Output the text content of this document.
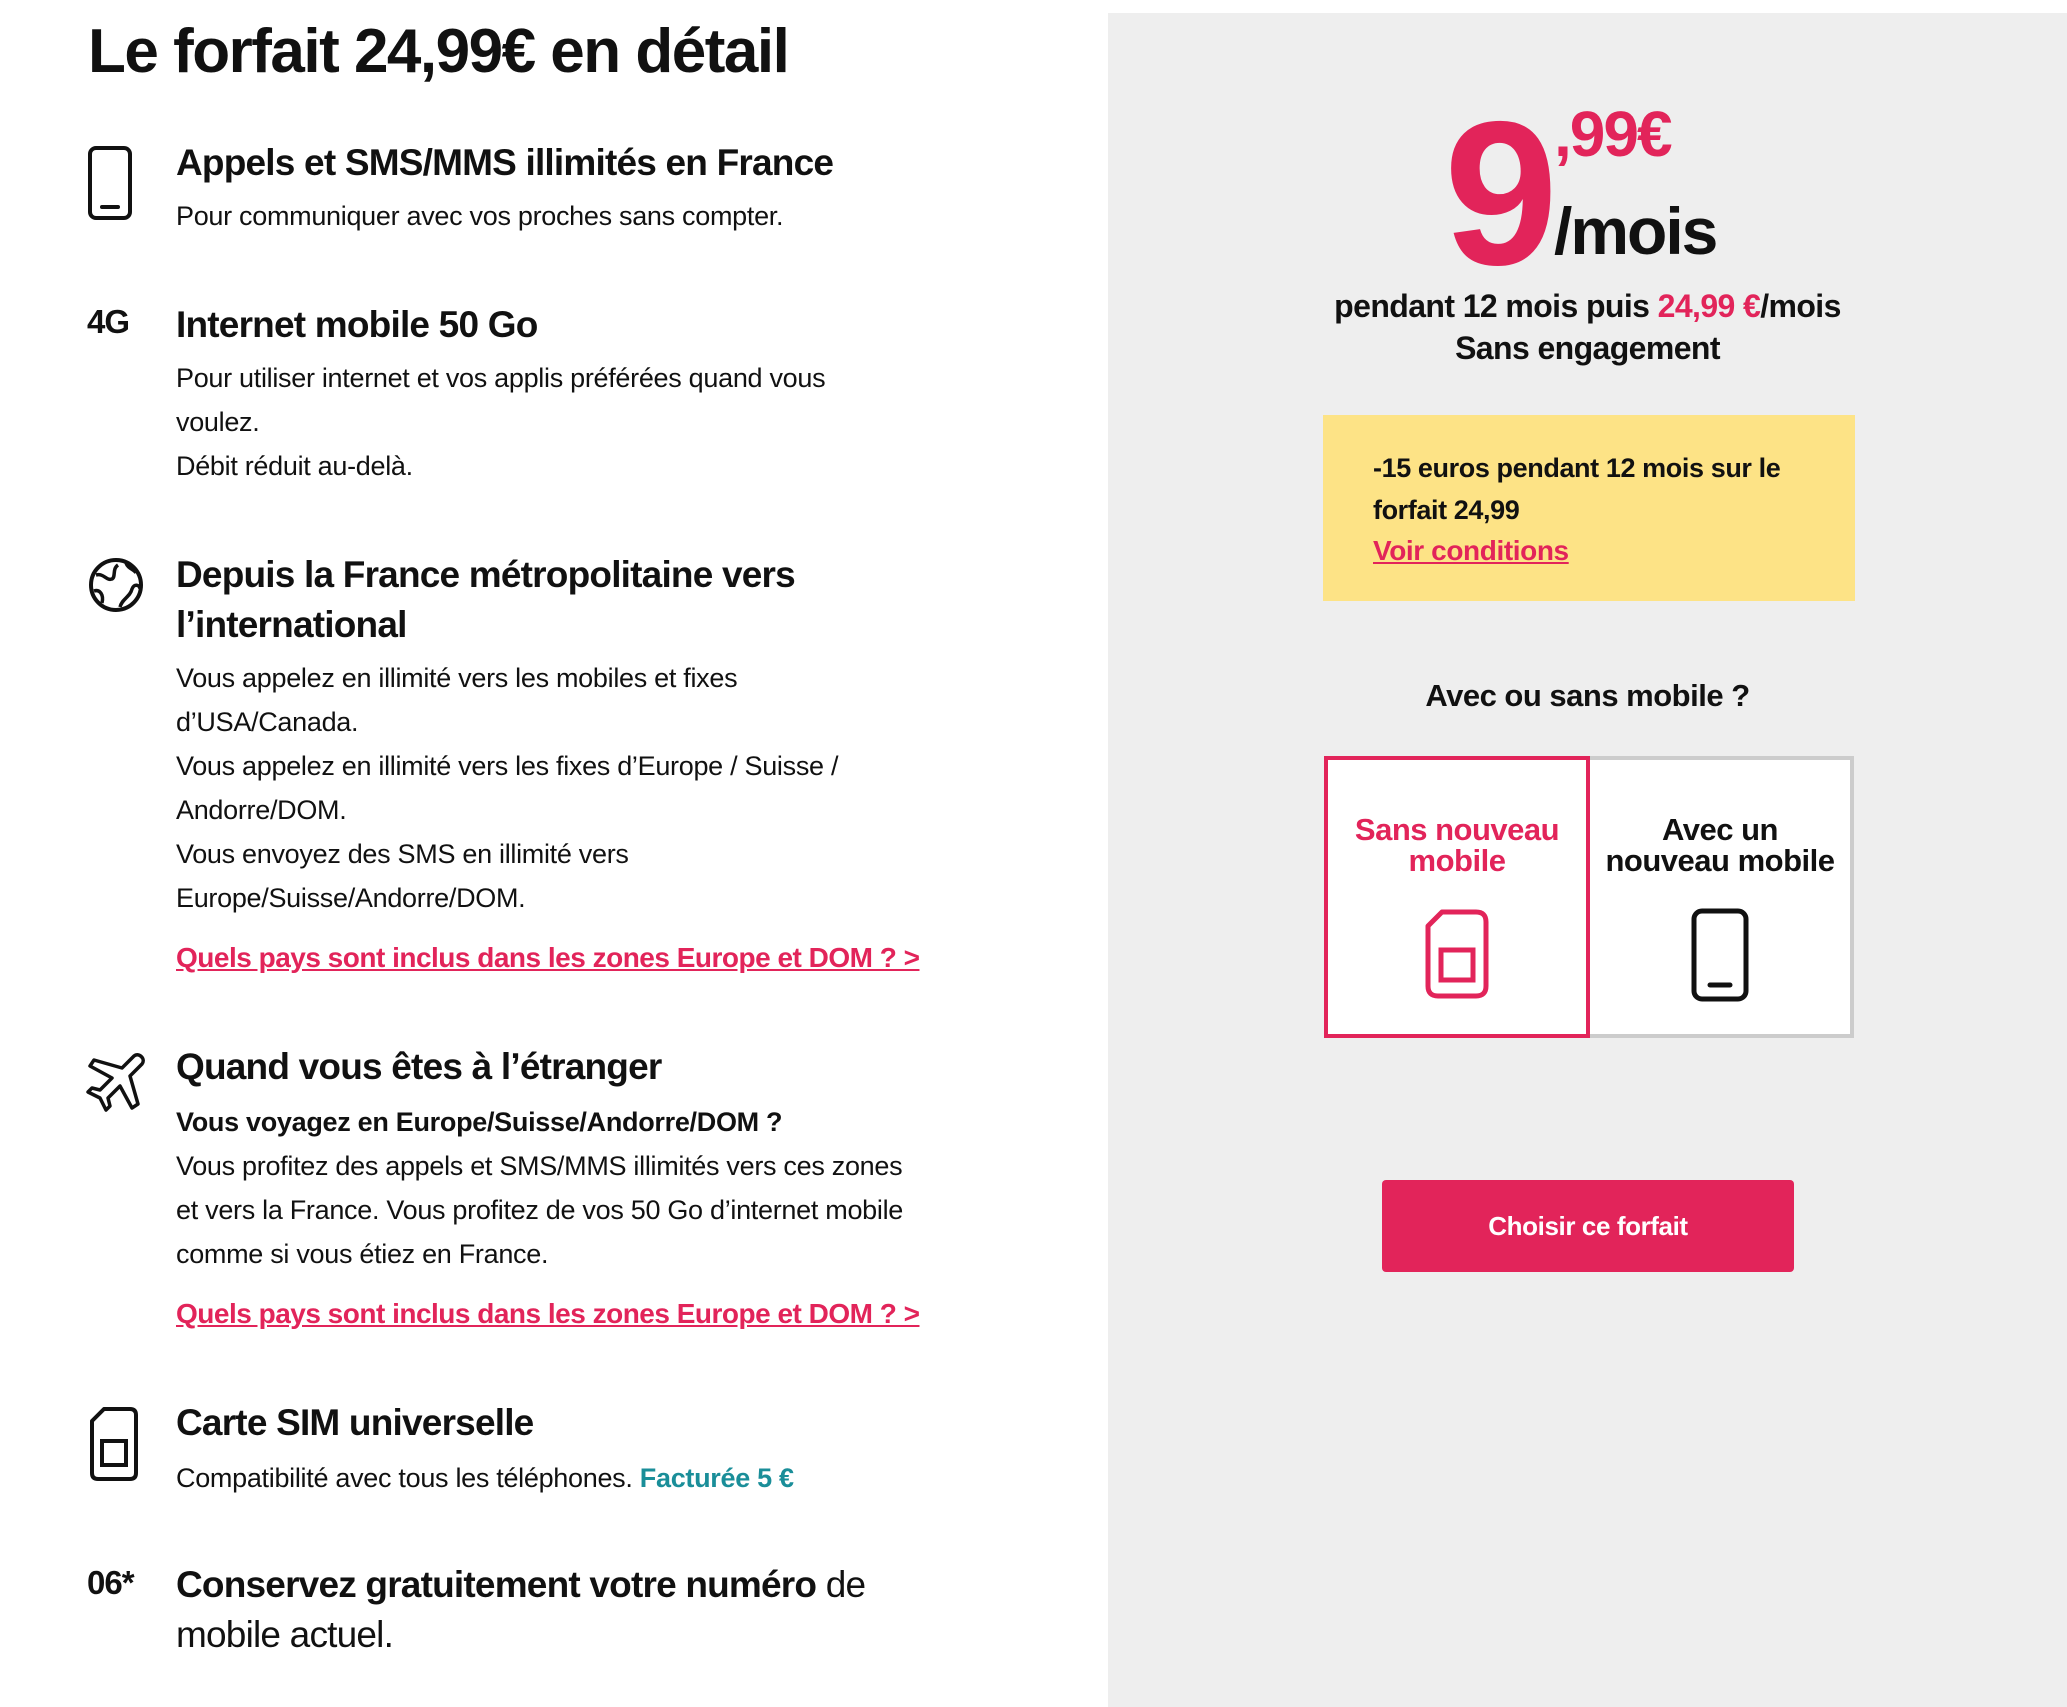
Le forfait 24,99€ en détail
Appels et SMS/MMS illimités en France
Pour communiquer avec vos proches sans compter.
4G Internet mobile 50 Go
Pour utiliser internet et vos applis préférées quand vous
voulez.
Débit réduit au-delà.
Depuis la France métropolitaine vers
l’international
Vous appelez en illimité vers les mobiles et fixes
d’USA/Canada.
Vous appelez en illimité vers les fixes d’Europe / Suisse /
Andorre/DOM.
Vous envoyez des SMS en illimité vers
Europe/Suisse/Andorre/DOM.
Quels pays sont inclus dans les zones Europe et DOM ? >
Quand vous êtes à l’étranger
Vous voyagez en Europe/Suisse/Andorre/DOM ?
Vous profitez des appels et SMS/MMS illimités vers ces zones
et vers la France. Vous profitez de vos 50 Go d’internet mobile
comme si vous étiez en France.
Quels pays sont inclus dans les zones Europe et DOM ? >
Carte SIM universelle
Compatibilité avec tous les téléphones. Facturée 5 €
06* Conservez gratuitement votre numéro de
mobile actuel.
9 ,99€
/mois
pendant 12 mois puis 24,99 €/mois
Sans engagement
-15 euros pendant 12 mois sur le
forfait 24,99
Voir conditions
Avec ou sans mobile ?
Sans nouveau
mobile
Avec un
nouveau mobile
Choisir ce forfait
